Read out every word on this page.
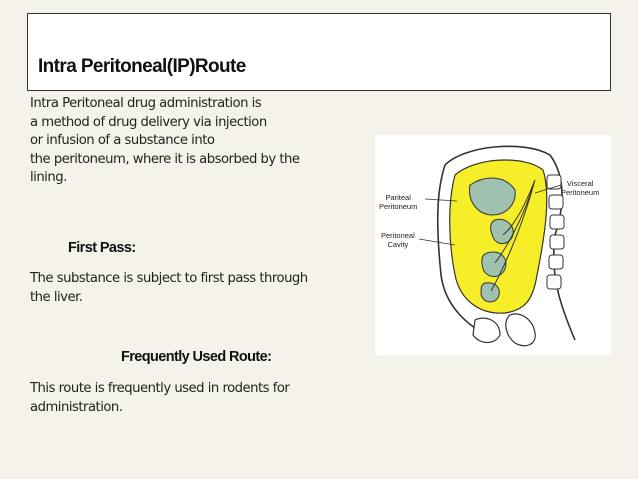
Intra Peritoneal(IP)Route
Intra Peritoneal drug administration is
a method of drug delivery via injection
or infusion of a substance into
the peritoneum, where it is absorbed by the
lining.
First Pass:
The substance is subject to first pass through
the liver.
Frequently Used Route:
This route is frequently used in rodents for
administration.
Pariteal
Peritoneum
Visceral
Peritoneum
Peritoneal
Cavity
